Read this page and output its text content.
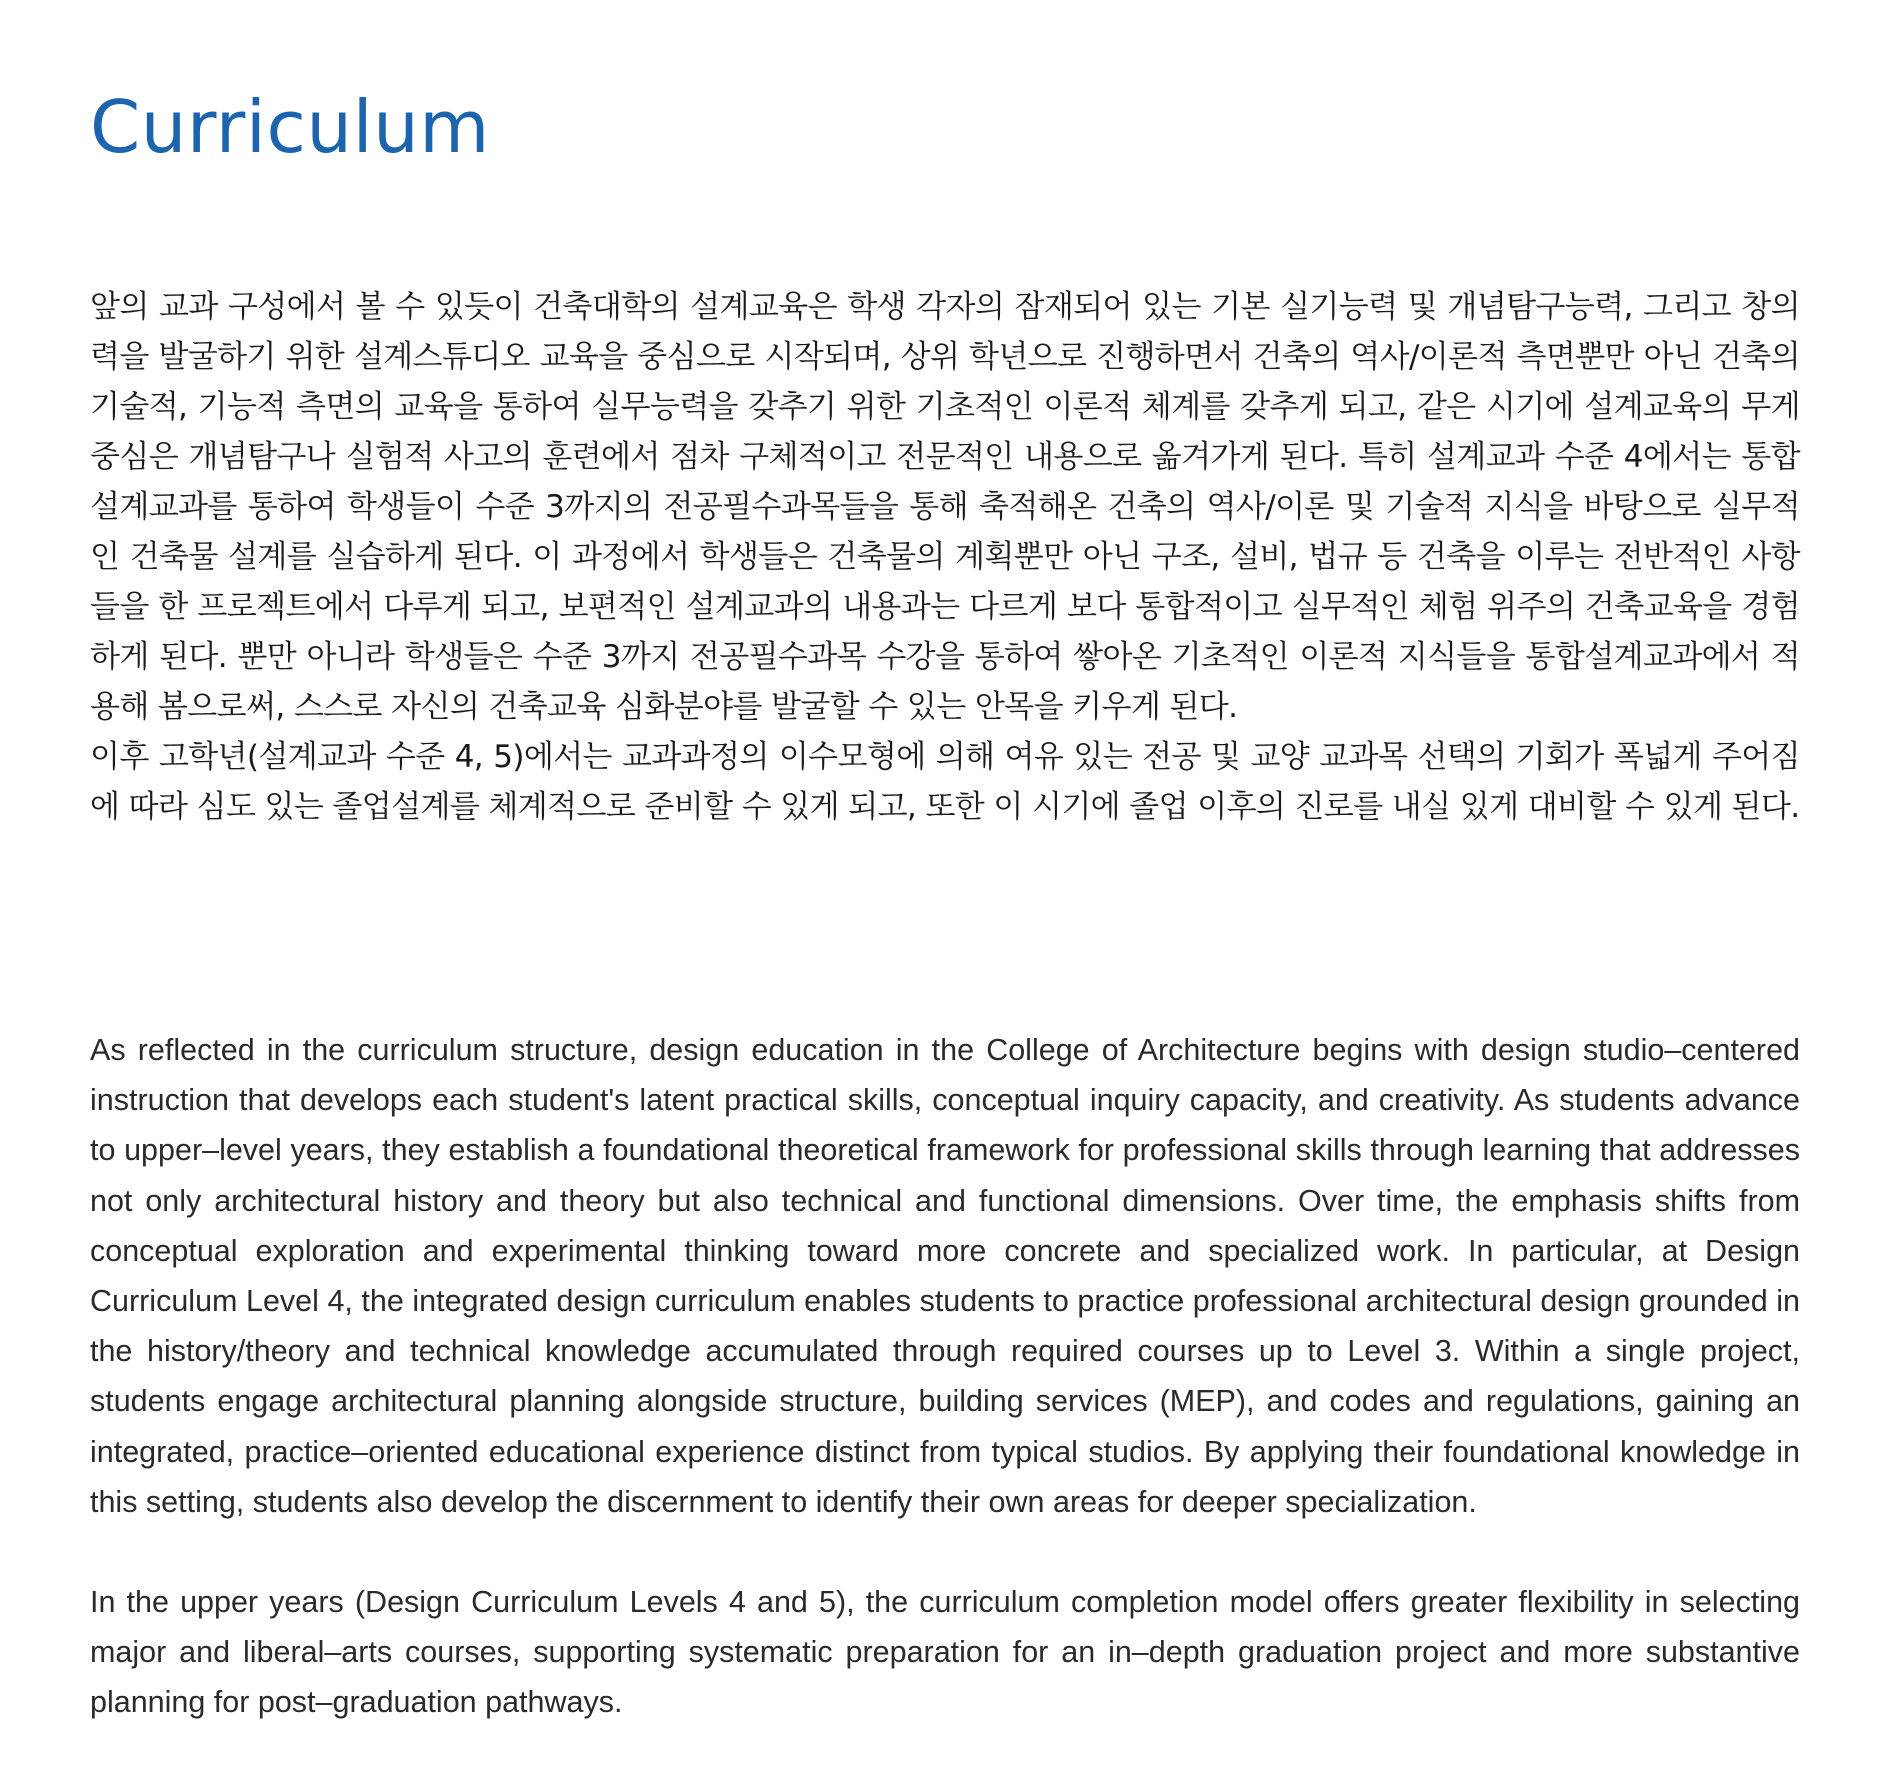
Curriculum

앞의 교과 구성에서 볼 수 있듯이 건축대학의 설계교육은 학생 각자의 잠재되어 있는 기본 실기능력 및 개념탐구능력, 그리고 창의력을 발굴하기 위한 설계스튜디오 교육을 중심으로 시작되며, 상위 학년으로 진행하면서 건축의 역사/이론적 측면뿐만 아닌 건축의 기술적, 기능적 측면의 교육을 통하여 실무능력을 갖추기 위한 기초적인 이론적 체계를 갖추게 되고, 같은 시기에 설계교육의 무게중심은 개념탐구나 실험적 사고의 훈련에서 점차 구체적이고 전문적인 내용으로 옮겨가게 된다. 특히 설계교과 수준 4에서는 통합설계교과를 통하여 학생들이 수준 3까지의 전공필수과목들을 통해 축적해온 건축의 역사/이론 및 기술적 지식을 바탕으로 실무적인 건축물 설계를 실습하게 된다. 이 과정에서 학생들은 건축물의 계획뿐만 아닌 구조, 설비, 법규 등 건축을 이루는 전반적인 사항들을 한 프로젝트에서 다루게 되고, 보편적인 설계교과의 내용과는 다르게 보다 통합적이고 실무적인 체험 위주의 건축교육을 경험하게 된다. 뿐만 아니라 학생들은 수준 3까지 전공필수과목 수강을 통하여 쌓아온 기초적인 이론적 지식들을 통합설계교과에서 적용해 봄으로써, 스스로 자신의 건축교육 심화분야를 발굴할 수 있는 안목을 키우게 된다.

이후 고학년(설계교과 수준 4, 5)에서는 교과과정의 이수모형에 의해 여유 있는 전공 및 교양 교과목 선택의 기회가 폭넓게 주어짐에 따라 심도 있는 졸업설계를 체계적으로 준비할 수 있게 되고, 또한 이 시기에 졸업 이후의 진로를 내실 있게 대비할 수 있게 된다.

As reflected in the curriculum structure, design education in the College of Architecture begins with design studio–centered instruction that develops each student's latent practical skills, conceptual inquiry capacity, and creativity. As students advance to upper–level years, they establish a foundational theoretical framework for professional skills through learning that addresses not only architectural history and theory but also technical and functional dimensions. Over time, the emphasis shifts from conceptual exploration and experimental thinking toward more concrete and specialized work. In particular, at Design Curriculum Level 4, the integrated design curriculum enables students to practice professional architectural design grounded in the history/theory and technical knowledge accumulated through required courses up to Level 3. Within a single project, students engage architectural planning alongside structure, building services (MEP), and codes and regulations, gaining an integrated, practice–oriented educational experience distinct from typical studios. By applying their foundational knowledge in this setting, students also develop the discernment to identify their own areas for deeper specialization.

In the upper years (Design Curriculum Levels 4 and 5), the curriculum completion model offers greater flexibility in selecting major and liberal–arts courses, supporting systematic preparation for an in–depth graduation project and more substantive planning for post–graduation pathways.
